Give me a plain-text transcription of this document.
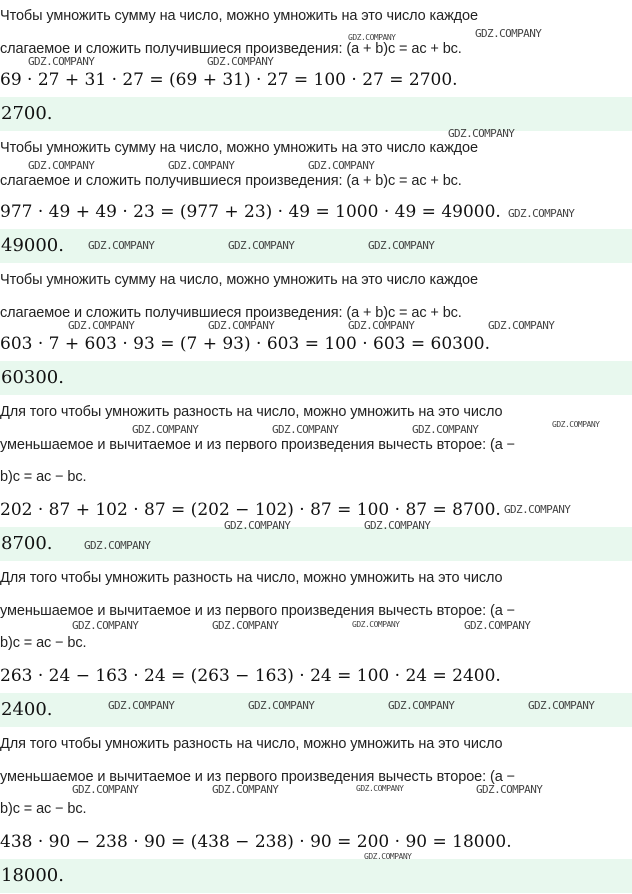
Чтобы умножить сумму на число, можно умножить на это число каждое

слагаемое и сложить получившиеся произведения: (a + b)c = ac + bc.

69 · 27 + 31 · 27 = (69 + 31) · 27 = 100 · 27 = 2700.

2700.

Чтобы умножить сумму на число, можно умножить на это число каждое

слагаемое и сложить получившиеся произведения: (a + b)c = ac + bc.

977 · 49 + 49 · 23 = (977 + 23) · 49 = 1000 · 49 = 49000.

49000.

Чтобы умножить сумму на число, можно умножить на это число каждое

слагаемое и сложить получившиеся произведения: (a + b)c = ac + bc.

603 · 7 + 603 · 93 = (7 + 93) · 603 = 100 · 603 = 60300.

60300.

Для того чтобы умножить разность на число, можно умножить на это число

уменьшаемое и вычитаемое и из первого произведения вычесть второе: (a −

b)c = ac − bc.

202 · 87 + 102 · 87 = (202 − 102) · 87 = 100 · 87 = 8700.

8700.

Для того чтобы умножить разность на число, можно умножить на это число

уменьшаемое и вычитаемое и из первого произведения вычесть второе: (a −

b)c = ac − bc.

263 · 24 − 163 · 24 = (263 − 163) · 24 = 100 · 24 = 2400.

2400.

Для того чтобы умножить разность на число, можно умножить на это число

уменьшаемое и вычитаемое и из первого произведения вычесть второе: (a −

b)c = ac − bc.

438 · 90 − 238 · 90 = (438 − 238) · 90 = 200 · 90 = 18000.

18000.
GDZ.COMPANY	GDZ.COMPANY
GDZ.COMPANY	GDZ.COMPANY
GDZ.COMPANY
GDZ.COMPANY	GDZ.COMPANY	GDZ.COMPANY
GDZ.COMPANY
GDZ.COMPANY	GDZ.COMPANY	GDZ.COMPANY
GDZ.COMPANY	GDZ.COMPANY	GDZ.COMPANY	GDZ.COMPANY
GDZ.COMPANY	GDZ.COMPANY	GDZ.COMPANY	GDZ.COMPANY
GDZ.COMPANY
GDZ.COMPANY	GDZ.COMPANY
GDZ.COMPANY
GDZ.COMPANY	GDZ.COMPANY	GDZ.COMPANY	GDZ.COMPANY
GDZ.COMPANY	GDZ.COMPANY	GDZ.COMPANY	GDZ.COMPANY
GDZ.COMPANY	GDZ.COMPANY	GDZ.COMPANY	GDZ.COMPANY
GDZ.COMPANY
